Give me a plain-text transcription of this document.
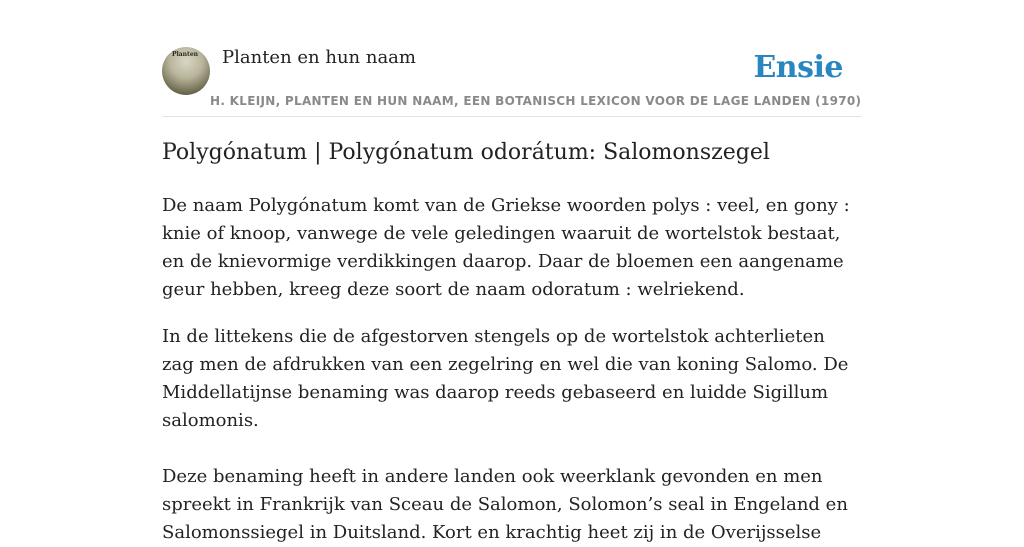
Planten Planten en hun naam	Ensie
H. KLEIJN, PLANTEN EN HUN NAAM, EEN BOTANISCH LEXICON VOOR DE LAGE LANDEN (1970)
Polygónatum | Polygónatum odorátum: Salomonszegel

De naam Polygónatum komt van de Griekse woorden polys : veel, en gony : knie of knoop, vanwege de vele geledingen waaruit de wortelstok bestaat, en de knievormige verdikkingen daarop. Daar de bloemen een aangename geur hebben, kreeg deze soort de naam odoratum : welriekend.

In de littekens die de afgestorven stengels op de wortelstok achterlieten zag men de afdrukken van een zegelring en wel die van koning Salomo. De Middellatijnse benaming was daarop reeds gebaseerd en luidde Sigillum salomonis.

Deze benaming heeft in andere landen ook weerklank gevonden en men spreekt in Frankrijk van Sceau de Salomon, Solomon’s seal in Engeland en Salomonssiegel in Duitsland. Kort en krachtig heet zij in de Overijsselse
